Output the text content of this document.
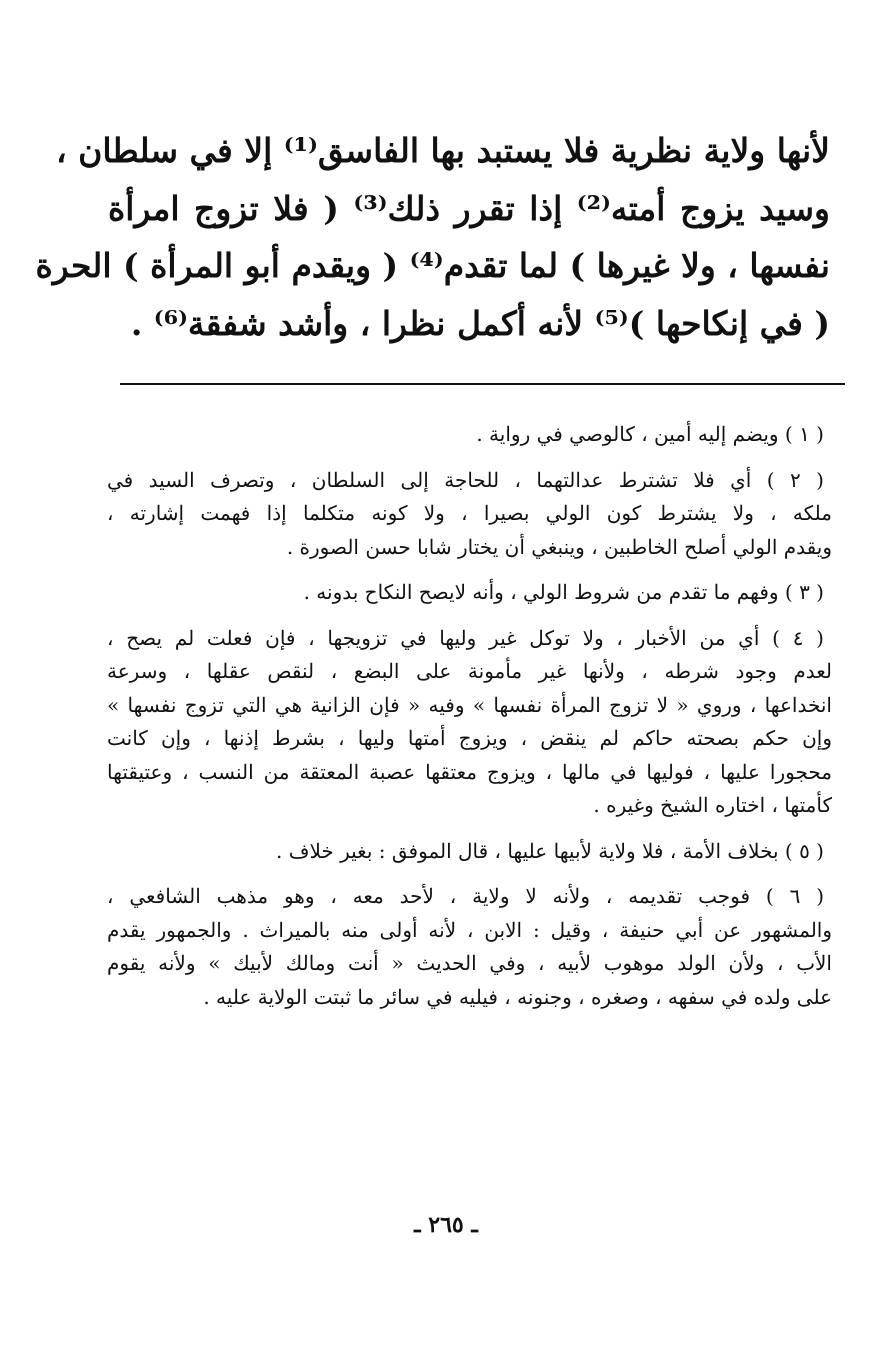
لأنها ولاية نظرية فلا يستبد بها الفاسق⁽¹⁾ إلا في سلطان ،
وسيد يزوج أمته⁽²⁾ إذا تقرر ذلك⁽³⁾ ( فلا تزوج امرأة
نفسها ، ولا غيرها ) لما تقدم⁽⁴⁾ ( ويقدم أبو المرأة ) الحرة
( في إنكاحها )⁽⁵⁾ لأنه أكمل نظرا ، وأشد شفقة⁽⁶⁾ .
( ١ ) ويضم إليه أمين ، كالوصي في رواية .
( ٢ ) أي فلا تشترط عدالتهما ، للحاجة إلى السلطان ، وتصرف السيد في
ملكه ، ولا يشترط كون الولي بصيرا ، ولا كونه متكلما إذا فهمت إشارته ،
ويقدم الولي أصلح الخاطبين ، وينبغي أن يختار شابا حسن الصورة .
( ٣ ) وفهم ما تقدم من شروط الولي ، وأنه لايصح النكاح بدونه .
( ٤ ) أي من الأخبار ، ولا توكل غير وليها في تزويجها ، فإن فعلت لم يصح ،
لعدم وجود شرطه ، ولأنها غير مأمونة على البضع ، لنقص عقلها ، وسرعة
انخداعها ، وروي « لا تزوج المرأة نفسها » وفيه « فإن الزانية هي التي تزوج نفسها »
وإن حكم بصحته حاكم لم ينقض ، ويزوج أمتها وليها ، بشرط إذنها ، وإن كانت
محجورا عليها ، فوليها في مالها ، ويزوج معتقها عصبة المعتقة من النسب ، وعتيقتها
كأمتها ، اختاره الشيخ وغيره .
( ٥ ) بخلاف الأمة ، فلا ولاية لأبيها عليها ، قال الموفق : بغير خلاف .
( ٦ ) فوجب تقديمه ، ولأنه لا ولاية ، لأحد معه ، وهو مذهب الشافعي ،
والمشهور عن أبي حنيفة ، وقيل : الابن ، لأنه أولى منه بالميراث . والجمهور يقدم
الأب ، ولأن الولد موهوب لأبيه ، وفي الحديث « أنت ومالك لأبيك » ولأنه يقوم
على ولده في سفهه ، وصغره ، وجنونه ، فيليه في سائر ما ثبتت الولاية عليه .
ـ ٢٦٥ ـ
